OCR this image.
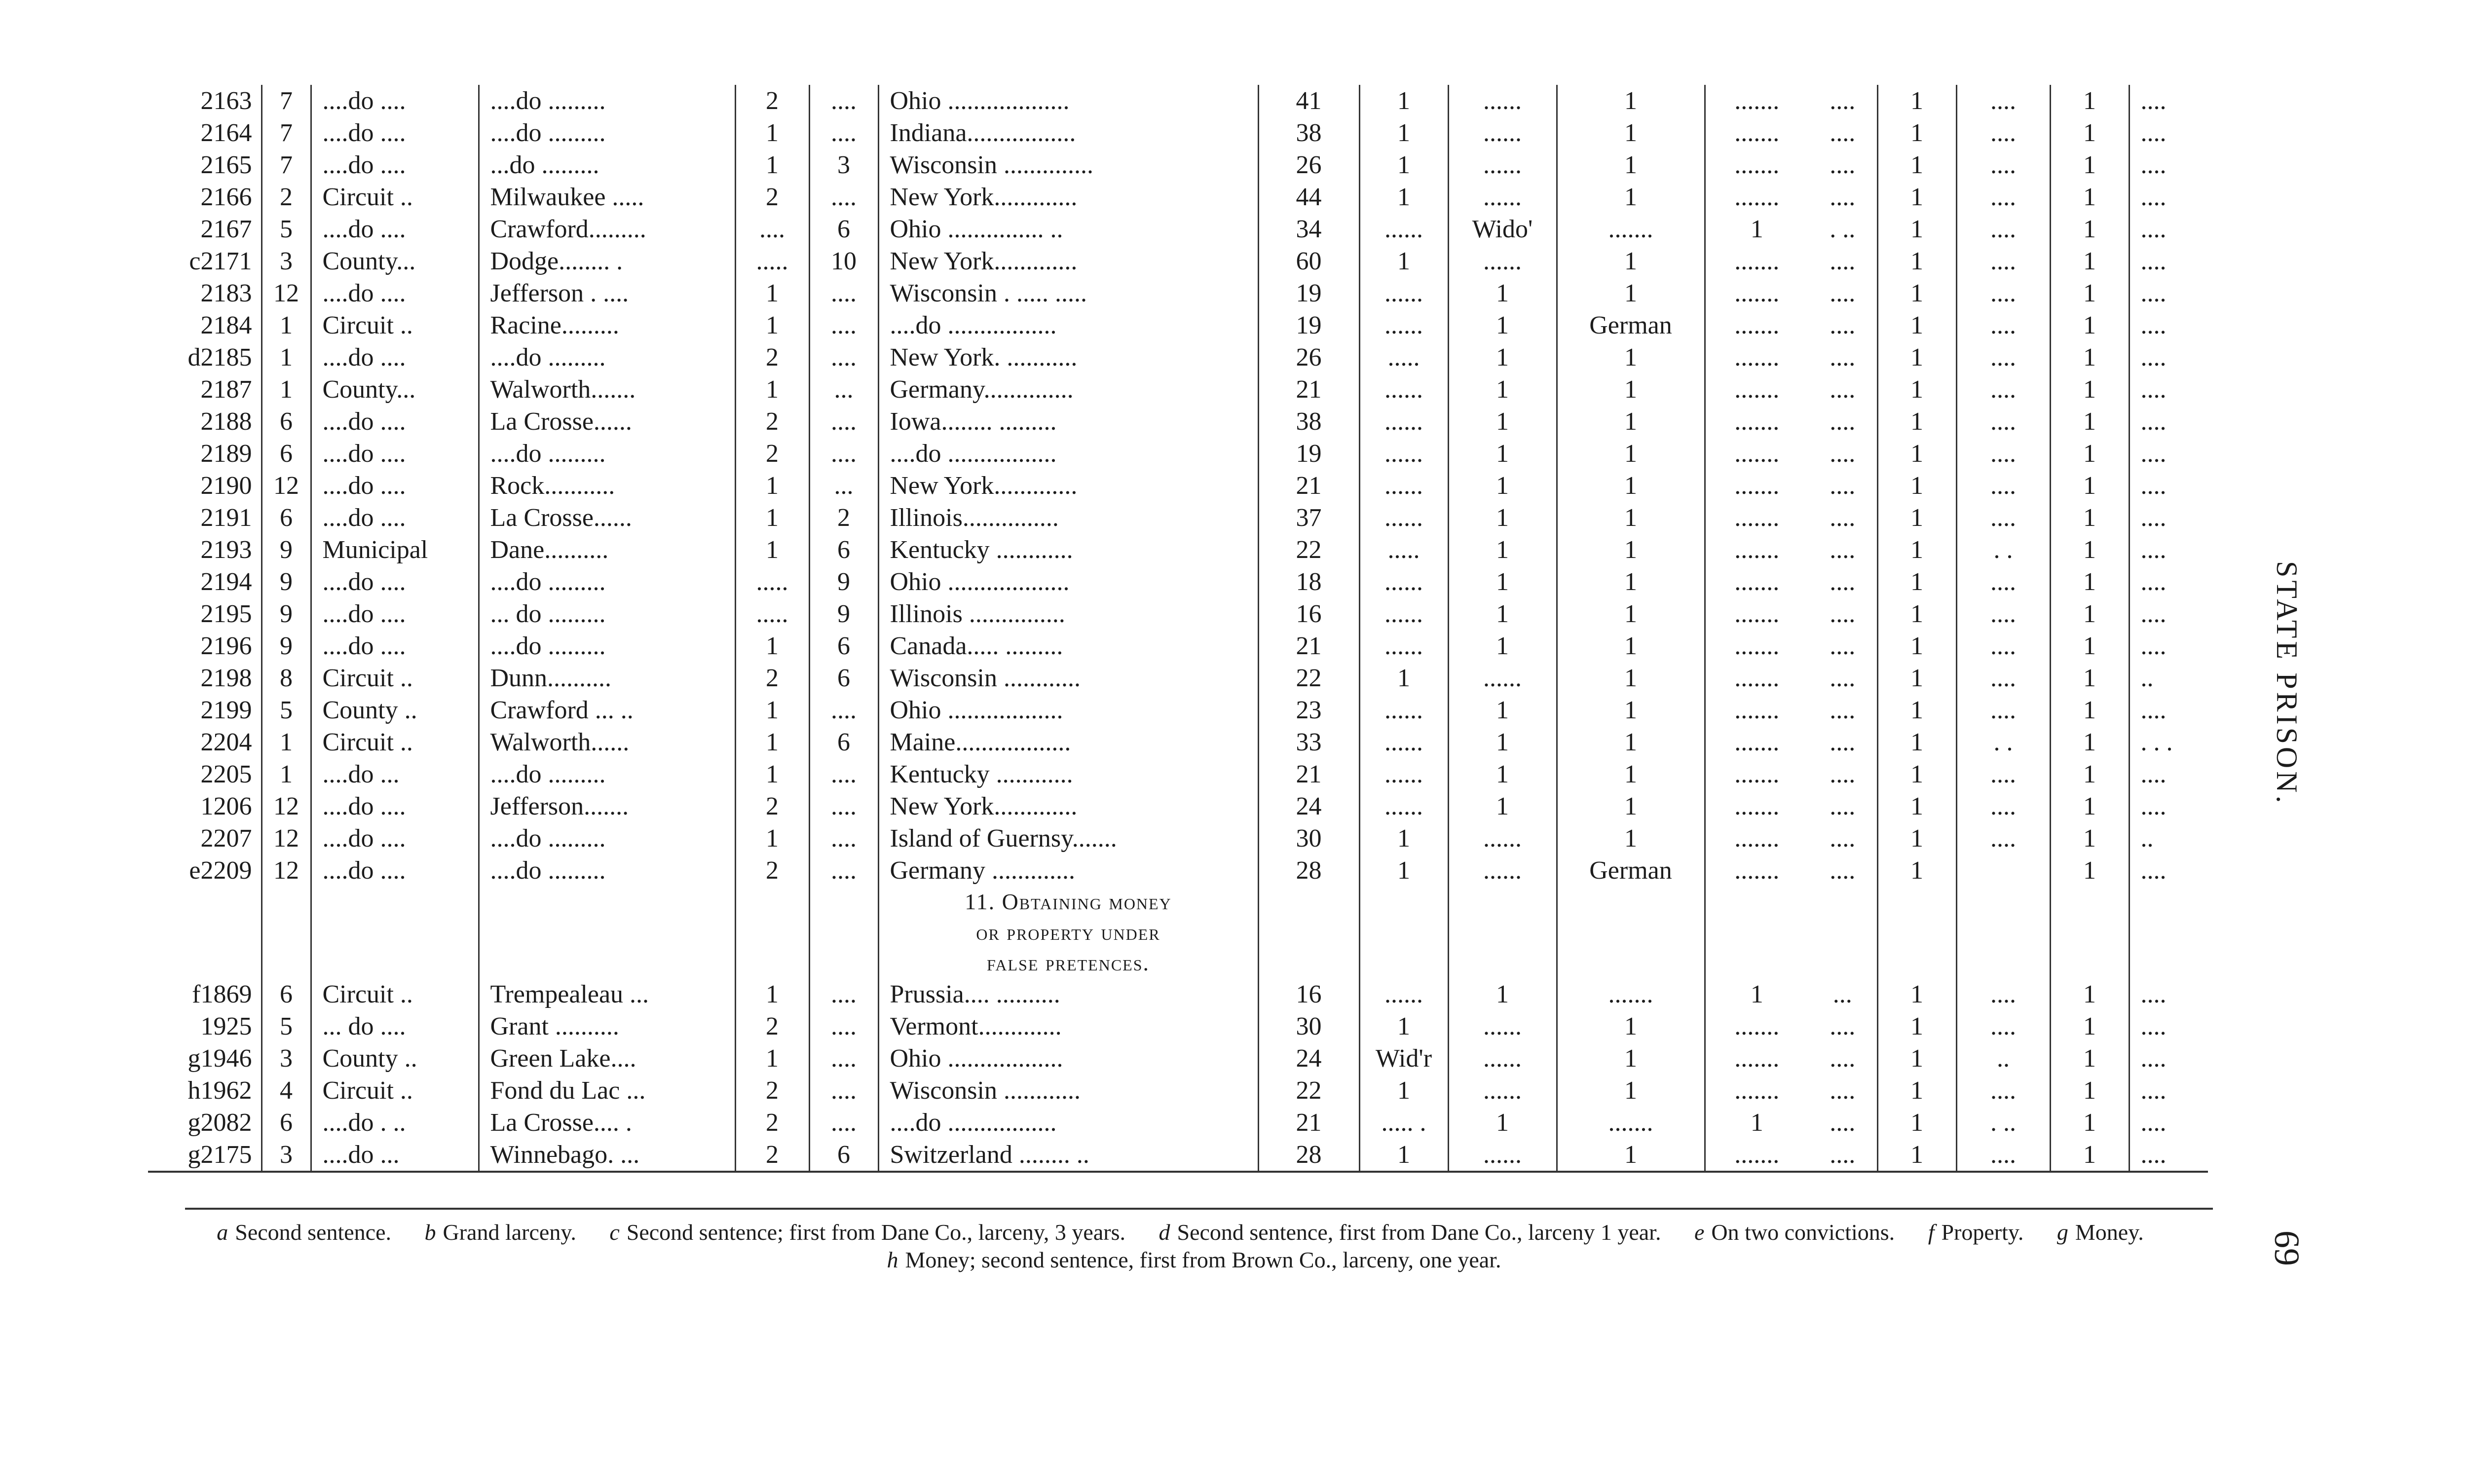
2163	7	....do ....	....do .........	2	....	Ohio ...................	41	1	......	1	.......	....	1	....	1	....
2164	7	....do ....	....do .........	1	....	Indiana.................	38	1	......	1	.......	....	1	....	1	....
2165	7	....do ....	...do .........	1	3	Wisconsin ..............	26	1	......	1	.......	....	1	....	1	....
2166	2	Circuit ..	Milwaukee .....	2	....	New York.............	44	1	......	1	.......	....	1	....	1	....
2167	5	....do ....	Crawford.........	....	6	Ohio ............... ..	34	......	Wido'	.......	1	. ..	1	....	1	....
c2171	3	County...	Dodge........ .	.....	10	New York.............	60	1	......	1	.......	....	1	....	1	....
2183	12	....do ....	Jefferson . ....	1	....	Wisconsin . ..... .....	19	......	1	1	.......	....	1	....	1	....
2184	1	Circuit ..	Racine.........	1	....	....do .................	19	......	1	German	.......	....	1	....	1	....
d2185	1	....do ....	....do .........	2	....	New York. ...........	26	.....	1	1	.......	....	1	....	1	....
2187	1	County...	Walworth.......	1	...	Germany..............	21	......	1	1	.......	....	1	....	1	....
2188	6	....do ....	La Crosse......	2	....	Iowa........ .........	38	......	1	1	.......	....	1	....	1	....
2189	6	....do ....	....do .........	2	....	....do .................	19	......	1	1	.......	....	1	....	1	....
2190	12	....do ....	Rock...........	1	...	New York.............	21	......	1	1	.......	....	1	....	1	....
2191	6	....do ....	La Crosse......	1	2	Illinois...............	37	......	1	1	.......	....	1	....	1	....
2193	9	Municipal	Dane..........	1	6	Kentucky ............	22	.....	1	1	.......	....	1	. .	1	....
2194	9	....do ....	....do .........	.....	9	Ohio ...................	18	......	1	1	.......	....	1	....	1	....
2195	9	....do ....	... do .........	.....	9	Illinois ...............	16	......	1	1	.......	....	1	....	1	....
2196	9	....do ....	....do .........	1	6	Canada..... .........	21	......	1	1	.......	....	1	....	1	....
2198	8	Circuit ..	Dunn..........	2	6	Wisconsin ............	22	1	......	1	.......	....	1	....	1	..
2199	5	County ..	Crawford ... ..	1	....	Ohio ..................	23	......	1	1	.......	....	1	....	1	....
2204	1	Circuit ..	Walworth......	1	6	Maine..................	33	......	1	1	.......	....	1	. .	1	. . .
2205	1	....do ...	....do .........	1	....	Kentucky ............	21	......	1	1	.......	....	1	....	1	....
1206	12	....do ....	Jefferson.......	2	....	New York.............	24	......	1	1	.......	....	1	....	1	....
2207	12	....do ....	....do .........	1	....	Island of Guernsy.......	30	1	......	1	.......	....	1	....	1	..
e2209	12	....do ....	....do .........	2	....	Germany .............	28	1	......	German	.......	....	1		1	....

						11. Obtaining money
or property under
false pretences.										

f1869	6	Circuit ..	Trempealeau ...	1	....	Prussia.... ..........	16	......	1	.......	1	...	1	....	1	....
1925	5	... do ....	Grant ..........	2	....	Vermont.............	30	1	......	1	.......	....	1	....	1	....
g1946	3	County ..	Green Lake....	1	....	Ohio ..................	24	Wid'r	......	1	.......	....	1	..	1	....
h1962	4	Circuit ..	Fond du Lac ...	2	....	Wisconsin ............	22	1	......	1	.......	....	1	....	1	....
g2082	6	....do . ..	La Crosse.... .	2	....	....do .................	21	..... .	1	.......	1	....	1	. ..	1	....
g2175	3	....do ...	Winnebago. ...	2	6	Switzerland ........ ..	28	1	......	1	.......	....	1	....	1	....
a Second sentence. b Grand larceny. c Second sentence; first from Dane Co., larceny, 3 years. d Second sentence, first from Dane Co., larceny 1 year. e On two convictions. f Property. g Money. h Money; second sentence, first from Brown Co., larceny, one year.
STATE PRISON.
69
